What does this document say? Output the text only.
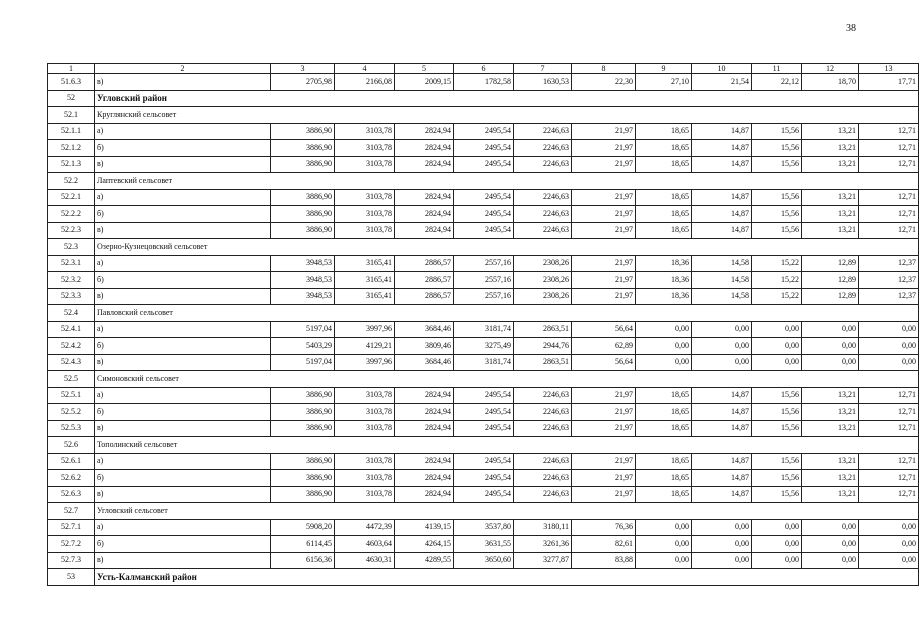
38
1	2	3	4	5	6	7	8	9	10	11	12	13
51.6.3	в)	2705,98	2166,08	2009,15	1782,58	1630,53	22,30	27,10	21,54	22,12	18,70	17,71
52	Угловский район											
52.1	Круглянский сельсовет											
52.1.1	а)	3886,90	3103,78	2824,94	2495,54	2246,63	21,97	18,65	14,87	15,56	13,21	12,71
52.1.2	б)	3886,90	3103,78	2824,94	2495,54	2246,63	21,97	18,65	14,87	15,56	13,21	12,71
52.1.3	в)	3886,90	3103,78	2824,94	2495,54	2246,63	21,97	18,65	14,87	15,56	13,21	12,71
52.2	Лаптевский сельсовет											
52.2.1	а)	3886,90	3103,78	2824,94	2495,54	2246,63	21,97	18,65	14,87	15,56	13,21	12,71
52.2.2	б)	3886,90	3103,78	2824,94	2495,54	2246,63	21,97	18,65	14,87	15,56	13,21	12,71
52.2.3	в)	3886,90	3103,78	2824,94	2495,54	2246,63	21,97	18,65	14,87	15,56	13,21	12,71
52.3	Озерно-Кузнецовский сельсовет											
52.3.1	а)	3948,53	3165,41	2886,57	2557,16	2308,26	21,97	18,36	14,58	15,22	12,89	12,37
52.3.2	б)	3948,53	3165,41	2886,57	2557,16	2308,26	21,97	18,36	14,58	15,22	12,89	12,37
52.3.3	в)	3948,53	3165,41	2886,57	2557,16	2308,26	21,97	18,36	14,58	15,22	12,89	12,37
52.4	Павловский сельсовет											
52.4.1	а)	5197,04	3997,96	3684,46	3181,74	2863,51	56,64	0,00	0,00	0,00	0,00	0,00
52.4.2	б)	5403,29	4129,21	3809,46	3275,49	2944,76	62,89	0,00	0,00	0,00	0,00	0,00
52.4.3	в)	5197,04	3997,96	3684,46	3181,74	2863,51	56,64	0,00	0,00	0,00	0,00	0,00
52.5	Симоновский сельсовет											
52.5.1	а)	3886,90	3103,78	2824,94	2495,54	2246,63	21,97	18,65	14,87	15,56	13,21	12,71
52.5.2	б)	3886,90	3103,78	2824,94	2495,54	2246,63	21,97	18,65	14,87	15,56	13,21	12,71
52.5.3	в)	3886,90	3103,78	2824,94	2495,54	2246,63	21,97	18,65	14,87	15,56	13,21	12,71
52.6	Тополинский сельсовет											
52.6.1	а)	3886,90	3103,78	2824,94	2495,54	2246,63	21,97	18,65	14,87	15,56	13,21	12,71
52.6.2	б)	3886,90	3103,78	2824,94	2495,54	2246,63	21,97	18,65	14,87	15,56	13,21	12,71
52.6.3	в)	3886,90	3103,78	2824,94	2495,54	2246,63	21,97	18,65	14,87	15,56	13,21	12,71
52.7	Угловский сельсовет											
52.7.1	а)	5908,20	4472,39	4139,15	3537,80	3180,11	76,36	0,00	0,00	0,00	0,00	0,00
52.7.2	б)	6114,45	4603,64	4264,15	3631,55	3261,36	82,61	0,00	0,00	0,00	0,00	0,00
52.7.3	в)	6156,36	4630,31	4289,55	3650,60	3277,87	83,88	0,00	0,00	0,00	0,00	0,00
53	Усть-Калманский район											
